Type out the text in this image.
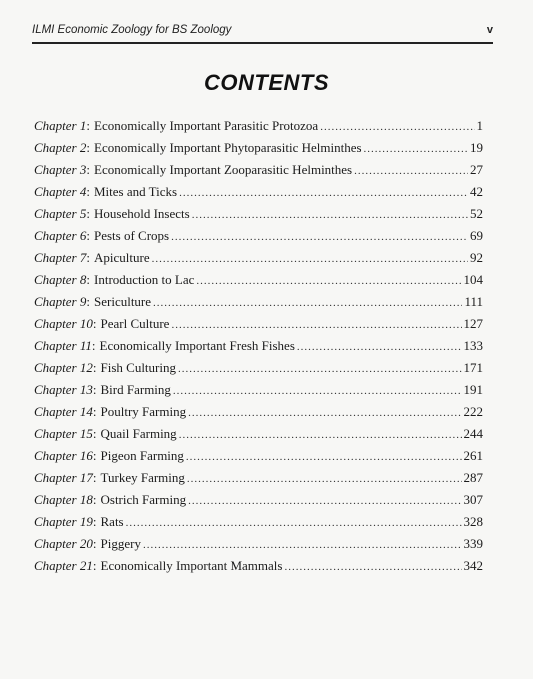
ILMI Economic Zoology for BS Zoology	v
CONTENTS
Chapter
1 : Economically Important Parasitic Protozoa .....	1
Chapter
2 : Economically Important Phytoparasitic Helminthes .....	19
Chapter
3 : Economically Important Zooparasitic Helminthes .....	27
Chapter
4 : Mites and Ticks .....	42
Chapter
5 : Household Insects .....	52
Chapter
6 : Pests of Crops .....	69
Chapter
7 : Apiculture .....	92
Chapter
8 : Introduction to Lac .....	104
Chapter
9 : Sericulture .....	111
Chapter
10 : Pearl Culture .....	127
Chapter
11 : Economically Important Fresh Fishes .....	133
Chapter
12 : Fish Culturing .....	171
Chapter
13 : Bird Farming .....	191
Chapter
14 : Poultry Farming .....	222
Chapter
15 : Quail Farming .....	244
Chapter
16 : Pigeon Farming .....	261
Chapter
17 : Turkey Farming .....	287
Chapter
18 : Ostrich Farming .....	307
Chapter
19 : Rats .....	328
Chapter
20 : Piggery .....	339
Chapter
21 : Economically Important Mammals .....	342
